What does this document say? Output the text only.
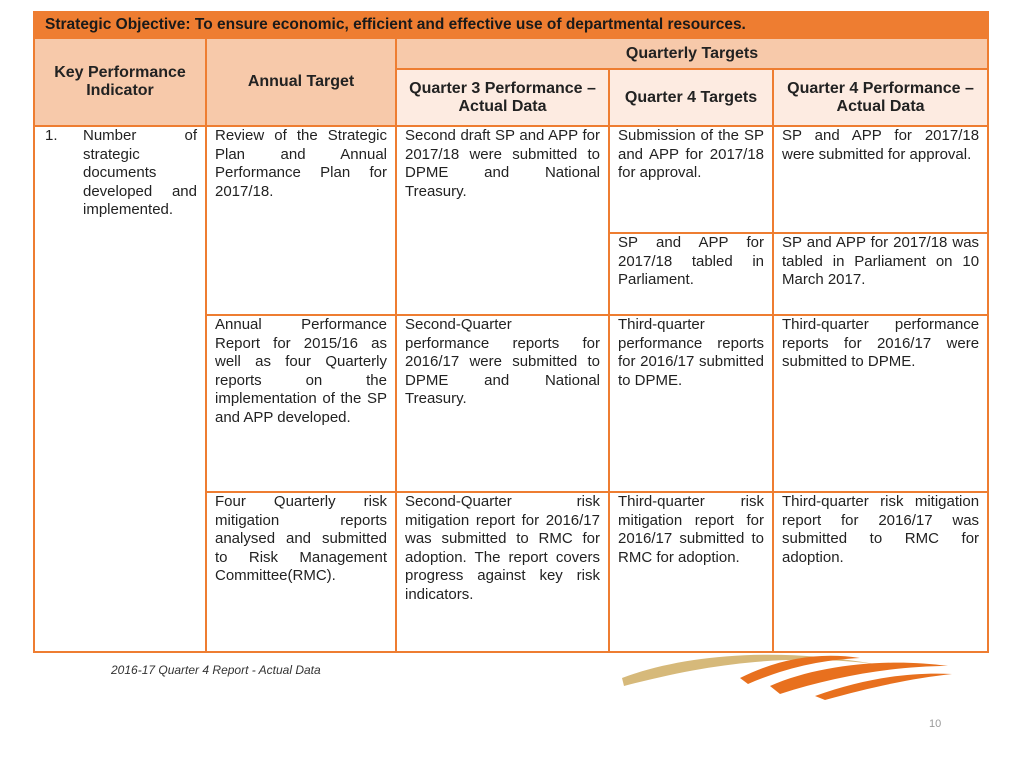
Strategic Objective: To ensure economic, efficient and effective use of departmental resources.				
Key Performance Indicator	Annual Target	Quarterly Targets		
		Quarter 3 Performance – Actual Data	Quarter 4 Targets	Quarter 4 Performance – Actual Data

1. Number of strategic documents developed and implemented.	Review of the Strategic Plan and Annual Performance Plan for 2017/18.	Second draft SP and APP for 2017/18 were submitted to DPME and National Treasury.	Submission of the SP and APP for 2017/18 for approval.	SP and APP for 2017/18 were submitted for approval.
			SP and APP for 2017/18 tabled in Parliament.	SP and APP for 2017/18 was tabled in Parliament on 10 March 2017.
	Annual Performance Report for 2015/16 as well as four Quarterly reports on the implementation of the SP and APP developed.	Second-Quarter performance reports for 2016/17 were submitted to DPME and National Treasury.	Third-quarter performance reports for 2016/17 submitted to DPME.	Third-quarter performance reports for 2016/17 were submitted to DPME.
	Four Quarterly risk mitigation reports analysed and submitted to Risk Management Committee(RMC).	Second-Quarter risk mitigation report for 2016/17 was submitted to RMC for adoption. The report covers progress against key risk indicators.	Third-quarter risk mitigation report for 2016/17 submitted to RMC for adoption.	Third-quarter risk mitigation report for 2016/17 was submitted to RMC for adoption.
2016-17 Quarter 4 Report - Actual Data
10
